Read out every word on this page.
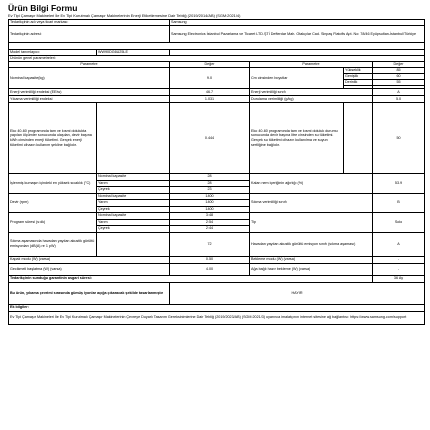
Ürün Bilgi Formu
Ev Tipi Çamaşır Makineleri İle Ev Tipi Kurutmalı Çamaşır Makinelerinin Enerji Etiketlemesine Dair Tebliğ (2019/2014/AB) (SGM:2021/4)
Tedarikçinin adı veya ticari markası:		Samsung			
Tedarikçinin adresi:		Samsung Electronics İstanbul Pazarlama ve Ticaret LTD.ŞTİ Defterdar Mah. Otakçılar Cad. Sinpaş Flatofis Apt. No: 78/46 Eyüpsultan-İstanbul/Türkiye			

Model tanımlayıcı:	WW90DG6U25LE				
Ürünün genel parametreleri:					
Parametre		Değer	Parametre		Değer
Nominal kapasite(kg)		9.0	Cm cinsinden boyutlar	Yükseklik	85
				Genişlik	60
				Derinlik	55

Enerji verimliliği endeksi (EEIw)		46.7	Enerji verimliliği sınıfı		A
Yıkama verimliliği endeksi		1.031	Durulama verimliliği (g/kg)		5.0
Eko 40-60 programında tam ve kısmi dolulukta yapılan ölçümler sonucunda ulaşılan, devir başına kWh cinsinden enerji tüketimi. Gerçek enerji tüketimi cihazın kullanım şekline bağlıdır.		0.444	Eko 40-60 programında tam ve kısmi doluluk durumu sonucunda devir başına litre cinsinden su tüketimi. Gerçek su tüketimi cihazın kullanılma ve suyun sertliğine bağlıdır.		50
İşlenmiş kumaşın içindeki en yüksek sıcaklık (°C)	Nominal kapasite	28	Kalan nem içeriğinin ağırlığı (%)		53.9
	Yarım	28			
	Çeyrek	23			
Devir (rpm)	Nominal kapasite	1400	Sıkma verimliliği sınıfı		B
	Yarım	1400			
	Çeyrek	1400			
Program süresi (s:dk)	Nominal kapasite	3:48	Tip		Solo
	Yarım	2:54			
	Çeyrek	2:44			
Sıkma aşamasında havadan yayılan akustik gürültü emisyonları (dB(A) re 1 pW)		72	Havadan yayılan akustik gürültü emisyon sınıfı (sıkma aşaması)		A
Kapalı modu (W) (varsa)		0.50	Bekleme modu (W) (varsa)		-
Gecikmeli başlatma (W) (varsa)		4.00	Ağa bağlı hazır bekleme (W) (varsa)		-
Tedarikçinin sunduğu garantinin asgari süresi:					36 Ay
Bu ürün, yıkama çevrimi sırasında gümüş iyonlar açığa çıkaracak şekilde tasarlanmıştır		HAYIR			
Ek bilgiler:					
Ev Tipi Çamaşır Makineleri İle Ev Tipi Kurutmalı Çamaşır Makinelerinin Çevreye Duyarlı Tasarım Gereksinimlerine Dair Tebliğ (2019/2023/AB) (SGM:2021/3) uyarınca imalatçının internet sitesine ağ bağlantısı: https://www.samsung.com/support					
